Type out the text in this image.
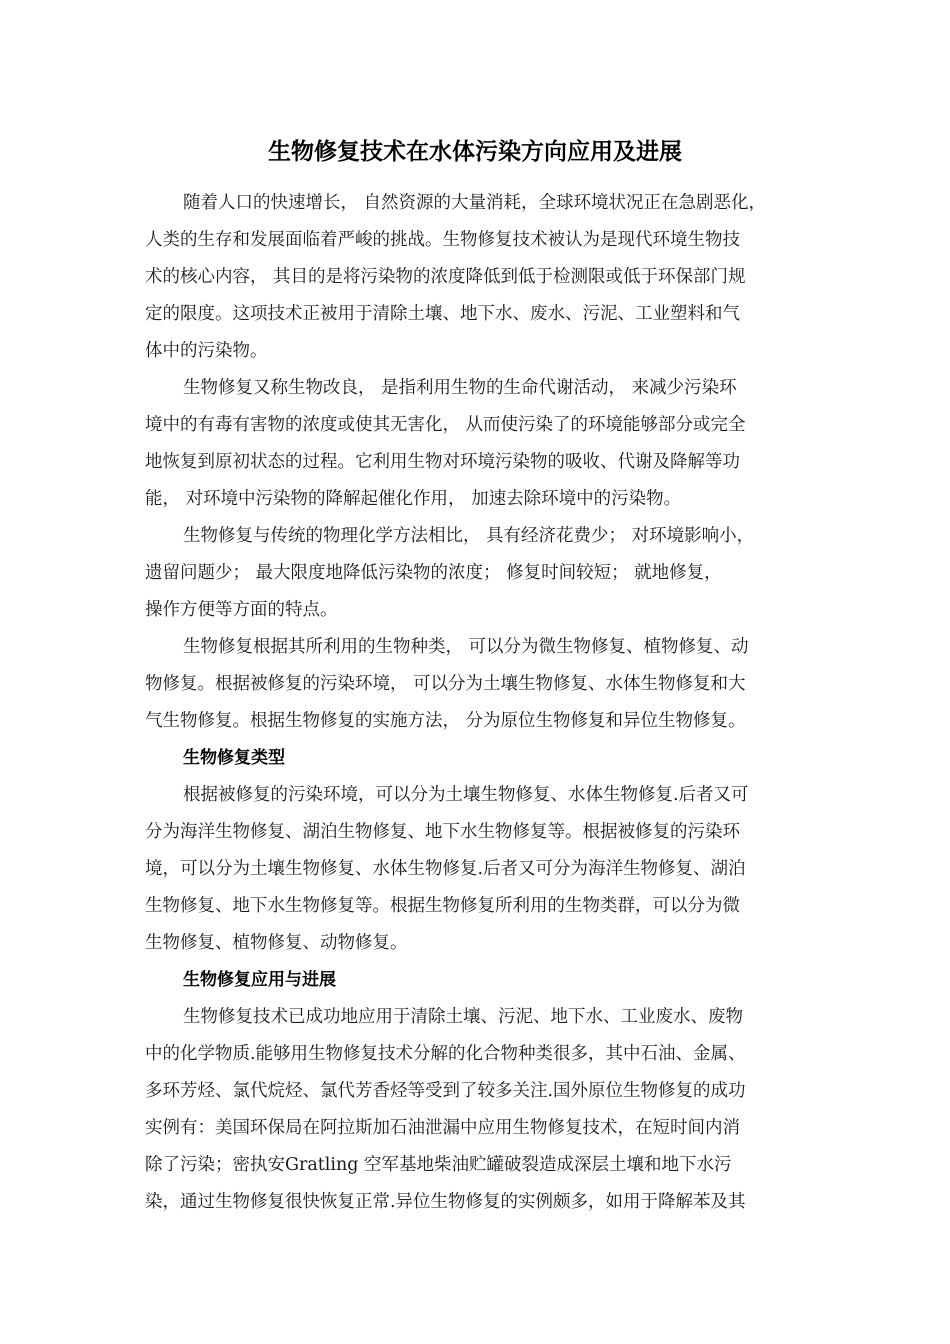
生物修复技术在水体污染方向应用及进展

随着人口的快速增长， 自然资源的大量消耗，全球环境状况正在急剧恶化，

人类的生存和发展面临着严峻的挑战。生物修复技术被认为是现代环境生物技

术的核心内容， 其目的是将污染物的浓度降低到低于检测限或低于环保部门规

定的限度。这项技术正被用于清除土壤、地下水、废水、污泥、工业塑料和气

体中的污染物。

生物修复又称生物改良， 是指利用生物的生命代谢活动， 来减少污染环

境中的有毒有害物的浓度或使其无害化， 从而使污染了的环境能够部分或完全

地恢复到原初状态的过程。它利用生物对环境污染物的吸收、代谢及降解等功

能， 对环境中污染物的降解起催化作用， 加速去除环境中的污染物。

生物修复与传统的物理化学方法相比， 具有经济花费少； 对环境影响小，

遗留问题少； 最大限度地降低污染物的浓度； 修复时间较短； 就地修复，

操作方便等方面的特点。

生物修复根据其所利用的生物种类， 可以分为微生物修复、植物修复、动

物修复。根据被修复的污染环境， 可以分为土壤生物修复、水体生物修复和大

气生物修复。根据生物修复的实施方法， 分为原位生物修复和异位生物修复。

生物修复类型

根据被修复的污染环境，可以分为土壤生物修复、水体生物修复.后者又可

分为海洋生物修复、湖泊生物修复、地下水生物修复等。根据被修复的污染环

境，可以分为土壤生物修复、水体生物修复.后者又可分为海洋生物修复、湖泊

生物修复、地下水生物修复等。根据生物修复所利用的生物类群，可以分为微

生物修复、植物修复、动物修复。

生物修复应用与进展

生物修复技术已成功地应用于清除土壤、污泥、地下水、工业废水、废物

中的化学物质.能够用生物修复技术分解的化合物种类很多，其中石油、金属、

多环芳烃、氯代烷烃、氯代芳香烃等受到了较多关注.国外原位生物修复的成功

实例有：美国环保局在阿拉斯加石油泄漏中应用生物修复技术，在短时间内消

除了污染；密执安Gratling 空军基地柴油贮罐破裂造成深层土壤和地下水污

染，通过生物修复很快恢复正常.异位生物修复的实例颇多，如用于降解苯及其
